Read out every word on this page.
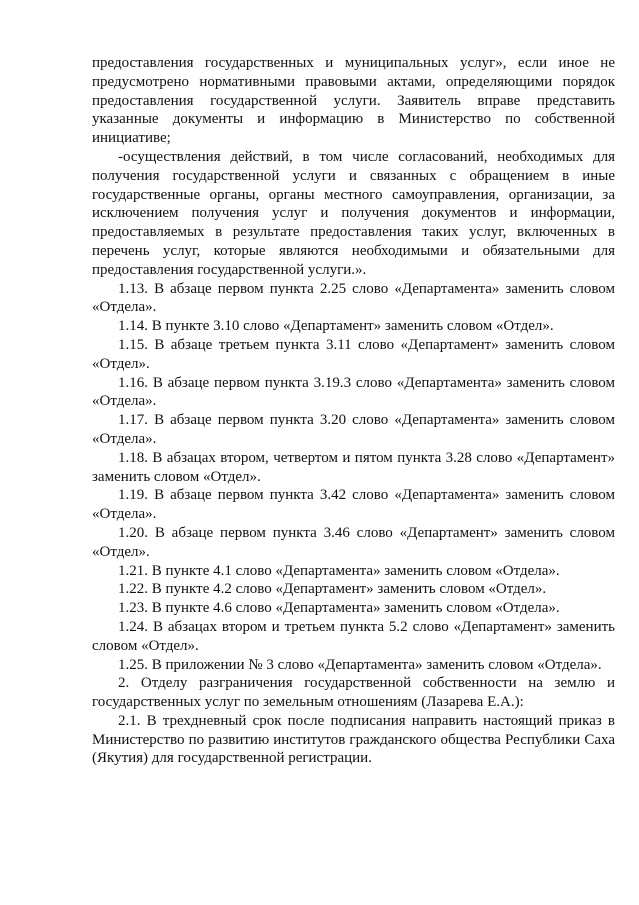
предоставления государственных и муниципальных услуг», если иное не предусмотрено нормативными правовыми актами, определяющими порядок предоставления государственной услуги. Заявитель вправе представить указанные документы и информацию в Министерство по собственной инициативе;

-осуществления действий, в том числе согласований, необходимых для получения государственной услуги и связанных с обращением в иные государственные органы, органы местного самоуправления, организации, за исключением получения услуг и получения документов и информации, предоставляемых в результате предоставления таких услуг, включенных в перечень услуг, которые являются необходимыми и обязательными для предоставления государственной услуги.».

1.13. В абзаце первом пункта 2.25 слово «Департамента» заменить словом «Отдела».

1.14. В пункте 3.10 слово «Департамент» заменить словом «Отдел».

1.15. В абзаце третьем пункта 3.11 слово «Департамент» заменить словом «Отдел».

1.16. В абзаце первом пункта 3.19.3 слово «Департамента» заменить словом «Отдела».

1.17. В абзаце первом пункта 3.20 слово «Департамента» заменить словом «Отдела».

1.18. В абзацах втором, четвертом и пятом пункта 3.28 слово «Департамент» заменить словом «Отдел».

1.19. В абзаце первом пункта 3.42 слово «Департамента» заменить словом «Отдела».

1.20. В абзаце первом пункта 3.46 слово «Департамент» заменить словом «Отдел».

1.21. В пункте 4.1 слово «Департамента» заменить словом «Отдела».

1.22. В пункте 4.2 слово «Департамент» заменить словом «Отдел».

1.23. В пункте 4.6 слово «Департамента» заменить словом «Отдела».

1.24. В абзацах втором и третьем пункта 5.2 слово «Департамент» заменить словом «Отдел».

1.25. В приложении № 3 слово «Департамента» заменить словом «Отдела».

2. Отделу разграничения государственной собственности на землю и государственных услуг по земельным отношениям (Лазарева Е.А.):

2.1. В трехдневный срок после подписания направить настоящий приказ в Министерство по развитию институтов гражданского общества Республики Саха (Якутия) для государственной регистрации.
